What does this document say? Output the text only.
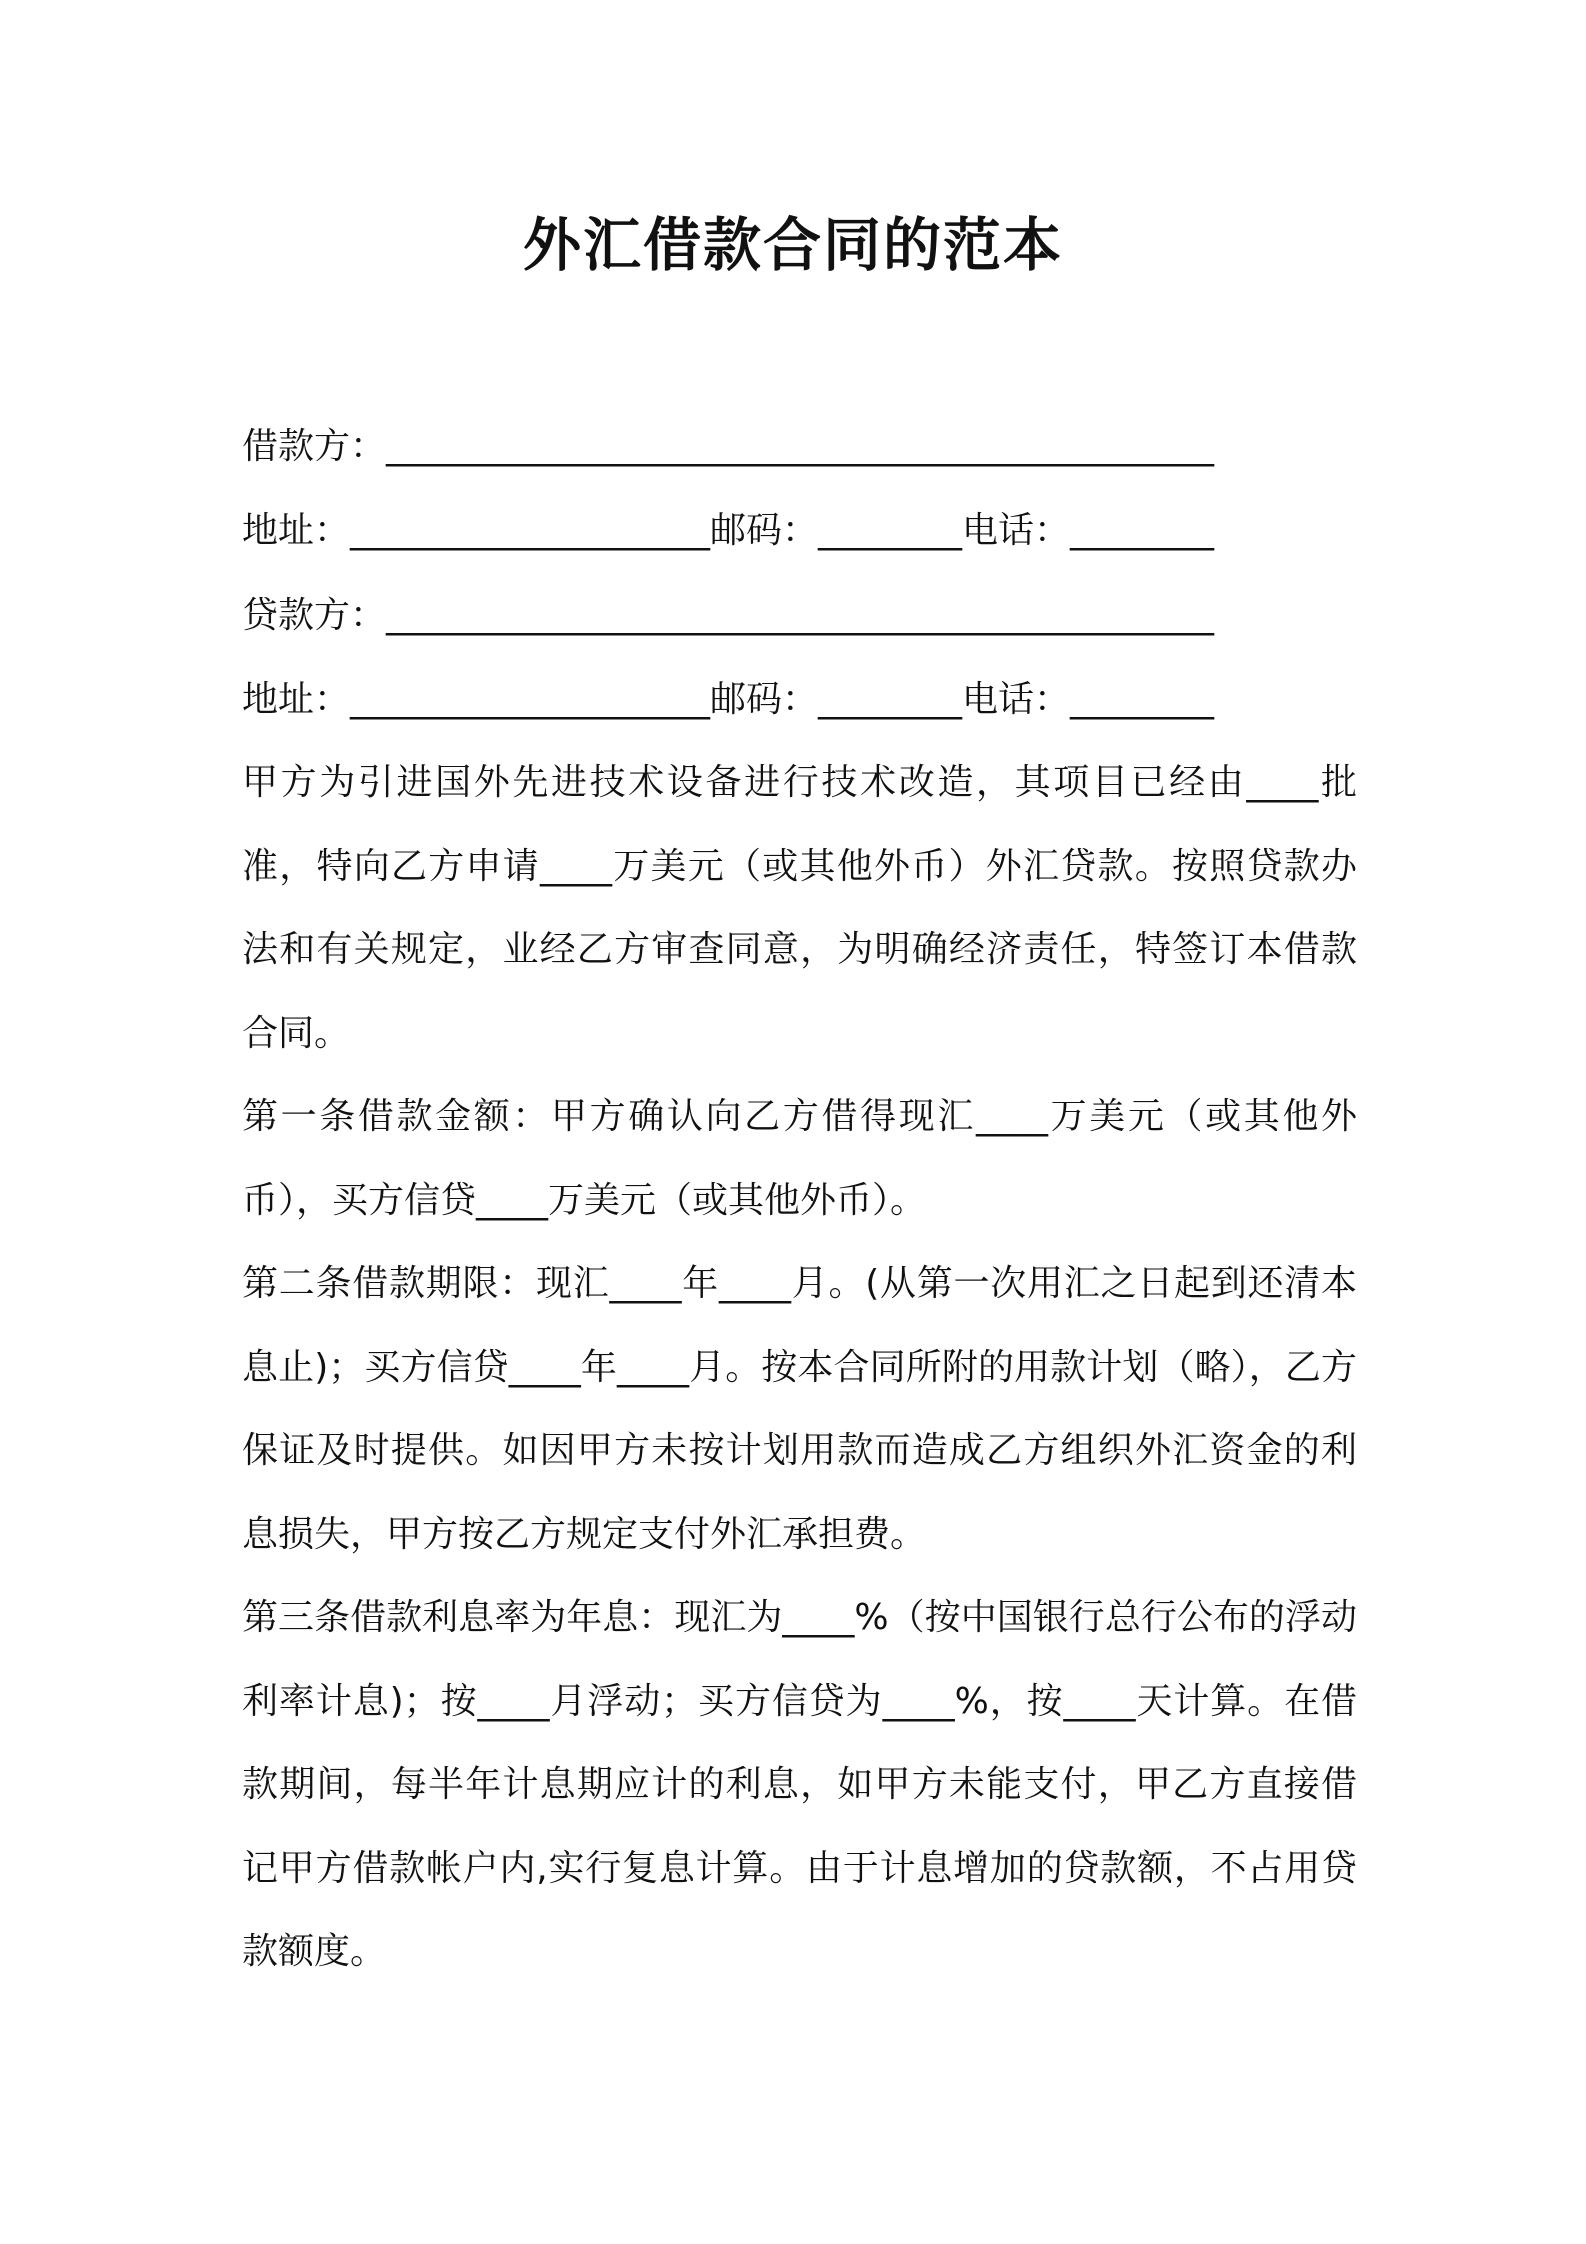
外汇借款合同的范本
借款方：______________________________________________
地址：____________________邮码：________电话：________
贷款方：______________________________________________
地址：____________________邮码：________电话：________

甲方为引进国外先进技术设备进行技术改造，其项目已经由____批准，特向乙方申请____万美元（或其他外币）外汇贷款。按照贷款办法和有关规定，业经乙方审查同意，为明确经济责任，特签订本借款合同。

第一条借款金额：甲方确认向乙方借得现汇____万美元（或其他外币），买方信贷____万美元（或其他外币）。

第二条借款期限：现汇____年____月。(从第一次用汇之日起到还清本息止)；买方信贷____年____月。按本合同所附的用款计划（略），乙方保证及时提供。如因甲方未按计划用款而造成乙方组织外汇资金的利息损失，甲方按乙方规定支付外汇承担费。

第三条借款利息率为年息：现汇为____%（按中国银行总行公布的浮动利率计息)；按____月浮动；买方信贷为____%，按____天计算。在借款期间，每半年计息期应计的利息，如甲方未能支付，甲乙方直接借记甲方借款帐户内,实行复息计算。由于计息增加的贷款额，不占用贷款额度。
